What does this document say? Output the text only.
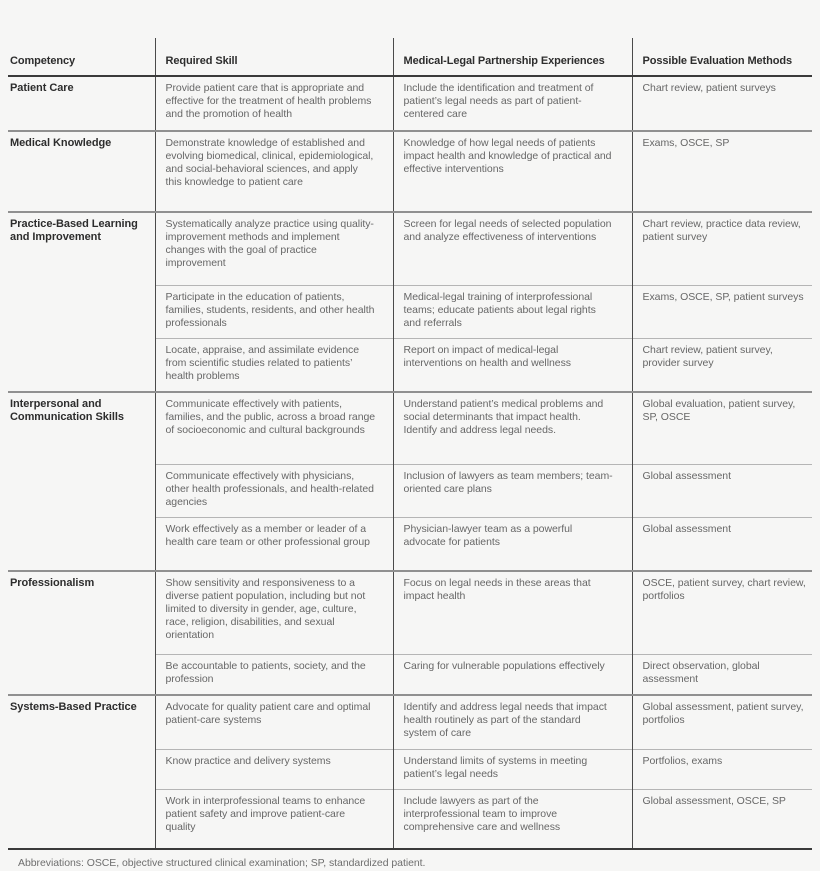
Competency	Required Skill	Medical-Legal Partnership Experiences	Possible Evaluation Methods
Patient Care	Provide patient care that is appropriate and effective for the treatment of health problems and the promotion of health	Include the identification and treatment of patient’s legal needs as part of patient-centered care	Chart review, patient surveys
Medical Knowledge	Demonstrate knowledge of established and evolving biomedical, clinical, epidemiological, and social-behavioral sciences, and apply this knowledge to patient care	Knowledge of how legal needs of patients impact health and knowledge of practical and effective interventions	Exams, OSCE, SP
Practice-Based Learning and Improvement	Systematically analyze practice using quality-improvement methods and implement changes with the goal of practice improvement	Screen for legal needs of selected population and analyze effectiveness of interventions	Chart review, practice data review, patient survey
	Participate in the education of patients, families, students, residents, and other health professionals	Medical-legal training of interprofessional teams; educate patients about legal rights and referrals	Exams, OSCE, SP, patient surveys
	Locate, appraise, and assimilate evidence from scientific studies related to patients’ health problems	Report on impact of medical-legal interventions on health and wellness	Chart review, patient survey, provider survey
Interpersonal and Communication Skills	Communicate effectively with patients, families, and the public, across a broad range of socioeconomic and cultural backgrounds	Understand patient’s medical problems and social determinants that impact health. Identify and address legal needs.	Global evaluation, patient survey, SP, OSCE
	Communicate effectively with physicians, other health professionals, and health-related agencies	Inclusion of lawyers as team members; team-oriented care plans	Global assessment
	Work effectively as a member or leader of a health care team or other professional group	Physician-lawyer team as a powerful advocate for patients	Global assessment
Professionalism	Show sensitivity and responsiveness to a diverse patient population, including but not limited to diversity in gender, age, culture, race, religion, disabilities, and sexual orientation	Focus on legal needs in these areas that impact health	OSCE, patient survey, chart review, portfolios
	Be accountable to patients, society, and the profession	Caring for vulnerable populations effectively	Direct observation, global assessment
Systems-Based Practice	Advocate for quality patient care and optimal patient-care systems	Identify and address legal needs that impact health routinely as part of the standard system of care	Global assessment, patient survey, portfolios
	Know practice and delivery systems	Understand limits of systems in meeting patient’s legal needs	Portfolios, exams
	Work in interprofessional teams to enhance patient safety and improve patient-care quality	Include lawyers as part of the interprofessional team to improve comprehensive care and wellness	Global assessment, OSCE, SP

Abbreviations: OSCE, objective structured clinical examination; SP, standardized patient.
